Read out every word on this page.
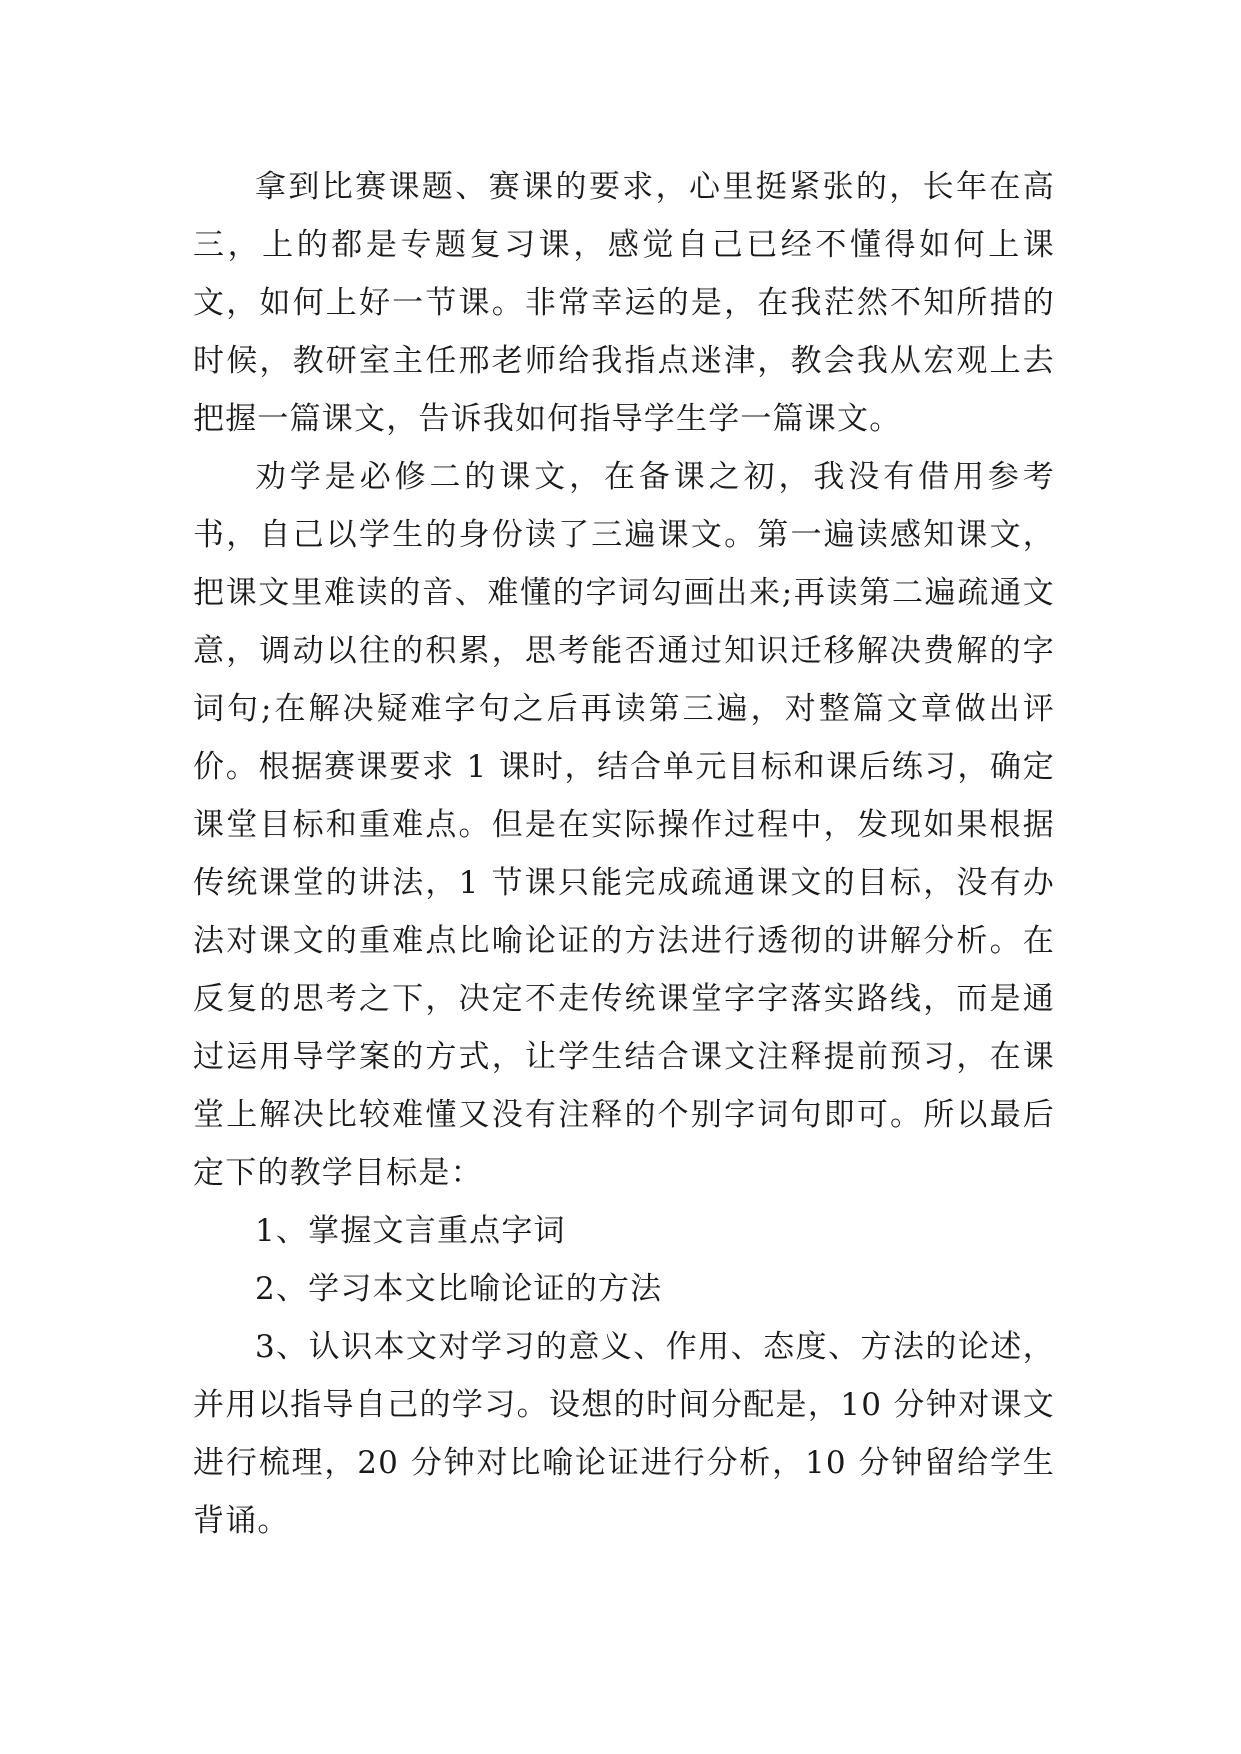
拿到比赛课题、赛课的要求，心里挺紧张的，长年在高三，上的都是专题复习课，感觉自己已经不懂得如何上课文，如何上好一节课。非常幸运的是，在我茫然不知所措的时候，教研室主任邢老师给我指点迷津，教会我从宏观上去把握一篇课文，告诉我如何指导学生学一篇课文。

劝学是必修二的课文，在备课之初，我没有借用参考书，自己以学生的身份读了三遍课文。第一遍读感知课文，把课文里难读的音、难懂的字词勾画出来;再读第二遍疏通文意，调动以往的积累，思考能否通过知识迁移解决费解的字词句;在解决疑难字句之后再读第三遍，对整篇文章做出评价。根据赛课要求 1 课时，结合单元目标和课后练习，确定课堂目标和重难点。但是在实际操作过程中，发现如果根据传统课堂的讲法，1 节课只能完成疏通课文的目标，没有办法对课文的重难点比喻论证的方法进行透彻的讲解分析。在反复的思考之下，决定不走传统课堂字字落实路线，而是通过运用导学案的方式，让学生结合课文注释提前预习，在课堂上解决比较难懂又没有注释的个别字词句即可。所以最后定下的教学目标是：

1、掌握文言重点字词

2、学习本文比喻论证的方法

3、认识本文对学习的意义、作用、态度、方法的论述，并用以指导自己的学习。设想的时间分配是，10 分钟对课文进行梳理，20 分钟对比喻论证进行分析，10 分钟留给学生背诵。
